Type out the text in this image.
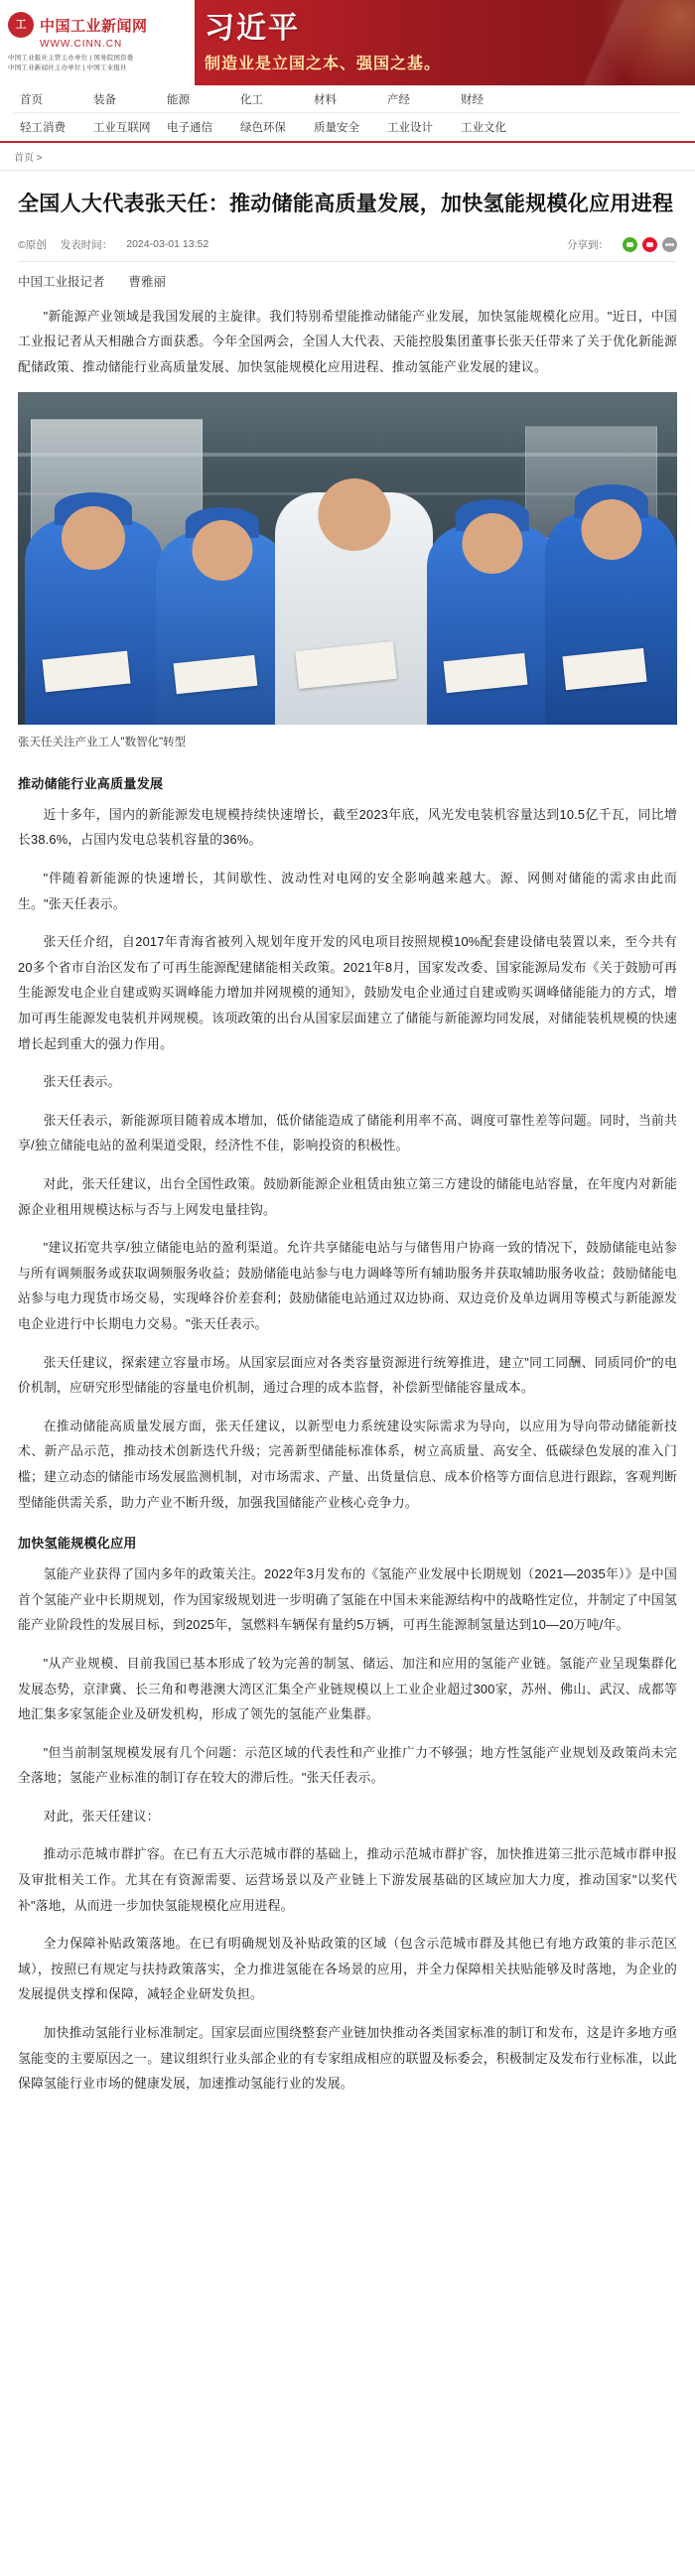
工 中国工业新闻网
WWW.CINN.CN
中国工业报社主管主办单位 | 国务院国资委
中国工业新闻社主办单位 | 中国工业报社
习近平
制造业是立国之本、强国之基。
首页	装备	能源	化工	材料	产经	财经
轻工消费	工业互联网	电子通信	绿色环保	质量安全	工业设计	工业文化
首页 >
全国人大代表张天任：推动储能高质量发展，加快氢能规模化应用进程
©原创 发表时间： 2024-03-01 13:52	分享到：
中国工业报记者 曹雅丽

"新能源产业领域是我国发展的主旋律。我们特别希望能推动储能产业发展，加快氢能规模化应用。"近日，中国工业报记者从天相融合方面获悉。今年全国两会，全国人大代表、天能控股集团董事长张天任带来了关于优化新能源配储政策、推动储能行业高质量发展、加快氢能规模化应用进程、推动氢能产业发展的建议。

张天任关注产业工人"数智化"转型
推动储能行业高质量发展

近十多年，国内的新能源发电规模持续快速增长，截至2023年底，风光发电装机容量达到10.5亿千瓦，同比增长38.6%，占国内发电总装机容量的36%。

"伴随着新能源的快速增长，其间歇性、波动性对电网的安全影响越来越大。源、网侧对储能的需求由此而生。"张天任表示。

张天任介绍，自2017年青海省被列入规划年度开发的风电项目按照规模10%配套建设储电装置以来，至今共有20多个省市自治区发布了可再生能源配建储能相关政策。2021年8月，国家发改委、国家能源局发布《关于鼓励可再生能源发电企业自建或购买调峰能力增加并网规模的通知》，鼓励发电企业通过自建或购买调峰储能能力的方式，增加可再生能源发电装机并网规模。该项政策的出台从国家层面建立了储能与新能源均同发展，对储能装机规模的快速增长起到重大的强力作用。

张天任表示。

张天任表示，新能源项目随着成本增加，低价储能造成了储能利用率不高、调度可靠性差等问题。同时，当前共享/独立储能电站的盈利渠道受限，经济性不佳，影响投资的积极性。

对此，张天任建议，出台全国性政策。鼓励新能源企业租赁由独立第三方建设的储能电站容量，在年度内对新能源企业租用规模达标与否与上网发电量挂钩。

"建议拓宽共享/独立储能电站的盈利渠道。允许共享储能电站与与储售用户协商一致的情况下，鼓励储能电站参与所有调频服务或获取调频服务收益；鼓励储能电站参与电力调峰等所有辅助服务并获取辅助服务收益；鼓励储能电站参与电力现货市场交易，实现峰谷价差套利；鼓励储能电站通过双边协商、双边竞价及单边调用等模式与新能源发电企业进行中长期电力交易。"张天任表示。

张天任建议，探索建立容量市场。从国家层面应对各类容量资源进行统筹推进，建立"同工同酬、同质同价"的电价机制，应研究形型储能的容量电价机制，通过合理的成本监督，补偿新型储能容量成本。

在推动储能高质量发展方面，张天任建议，以新型电力系统建设实际需求为导向，以应用为导向带动储能新技术、新产品示范，推动技术创新迭代升级；完善新型储能标准体系，树立高质量、高安全、低碳绿色发展的准入门槛；建立动态的储能市场发展监测机制，对市场需求、产量、出货量信息、成本价格等方面信息进行跟踪，客观判断型储能供需关系，助力产业不断升级，加强我国储能产业核心竞争力。

加快氢能规模化应用

氢能产业获得了国内多年的政策关注。2022年3月发布的《氢能产业发展中长期规划（2021—2035年）》是中国首个氢能产业中长期规划，作为国家级规划进一步明确了氢能在中国未来能源结构中的战略性定位，并制定了中国氢能产业阶段性的发展目标，到2025年，氢燃料车辆保有量约5万辆，可再生能源制氢量达到10—20万吨/年。

"从产业规模、目前我国已基本形成了较为完善的制氢、储运、加注和应用的氢能产业链。氢能产业呈现集群化发展态势，京津冀、长三角和粤港澳大湾区汇集全产业链规模以上工业企业超过300家，苏州、佛山、武汉、成都等地汇集多家氢能企业及研发机构，形成了领先的氢能产业集群。

"但当前制氢规模发展有几个问题：示范区域的代表性和产业推广力不够强；地方性氢能产业规划及政策尚未完全落地；氢能产业标准的制订存在较大的滞后性。"张天任表示。

对此，张天任建议：

推动示范城市群扩容。在已有五大示范城市群的基础上，推动示范城市群扩容，加快推进第三批示范城市群申报及审批相关工作。尤其在有资源需要、运营场景以及产业链上下游发展基础的区域应加大力度，推动国家"以奖代补"落地，从而进一步加快氢能规模化应用进程。

全力保障补贴政策落地。在已有明确规划及补贴政策的区域（包含示范城市群及其他已有地方政策的非示范区域），按照已有规定与扶持政策落实，全力推进氢能在各场景的应用，并全力保障相关扶贴能够及时落地，为企业的发展提供支撑和保障，减轻企业研发负担。

加快推动氢能行业标准制定。国家层面应围绕整套产业链加快推动各类国家标准的制订和发布，这是许多地方亟氢能变的主要原因之一。建议组织行业头部企业的有专家组成相应的联盟及标委会，积极制定及发布行业标准，以此保障氢能行业市场的健康发展，加速推动氢能行业的发展。
